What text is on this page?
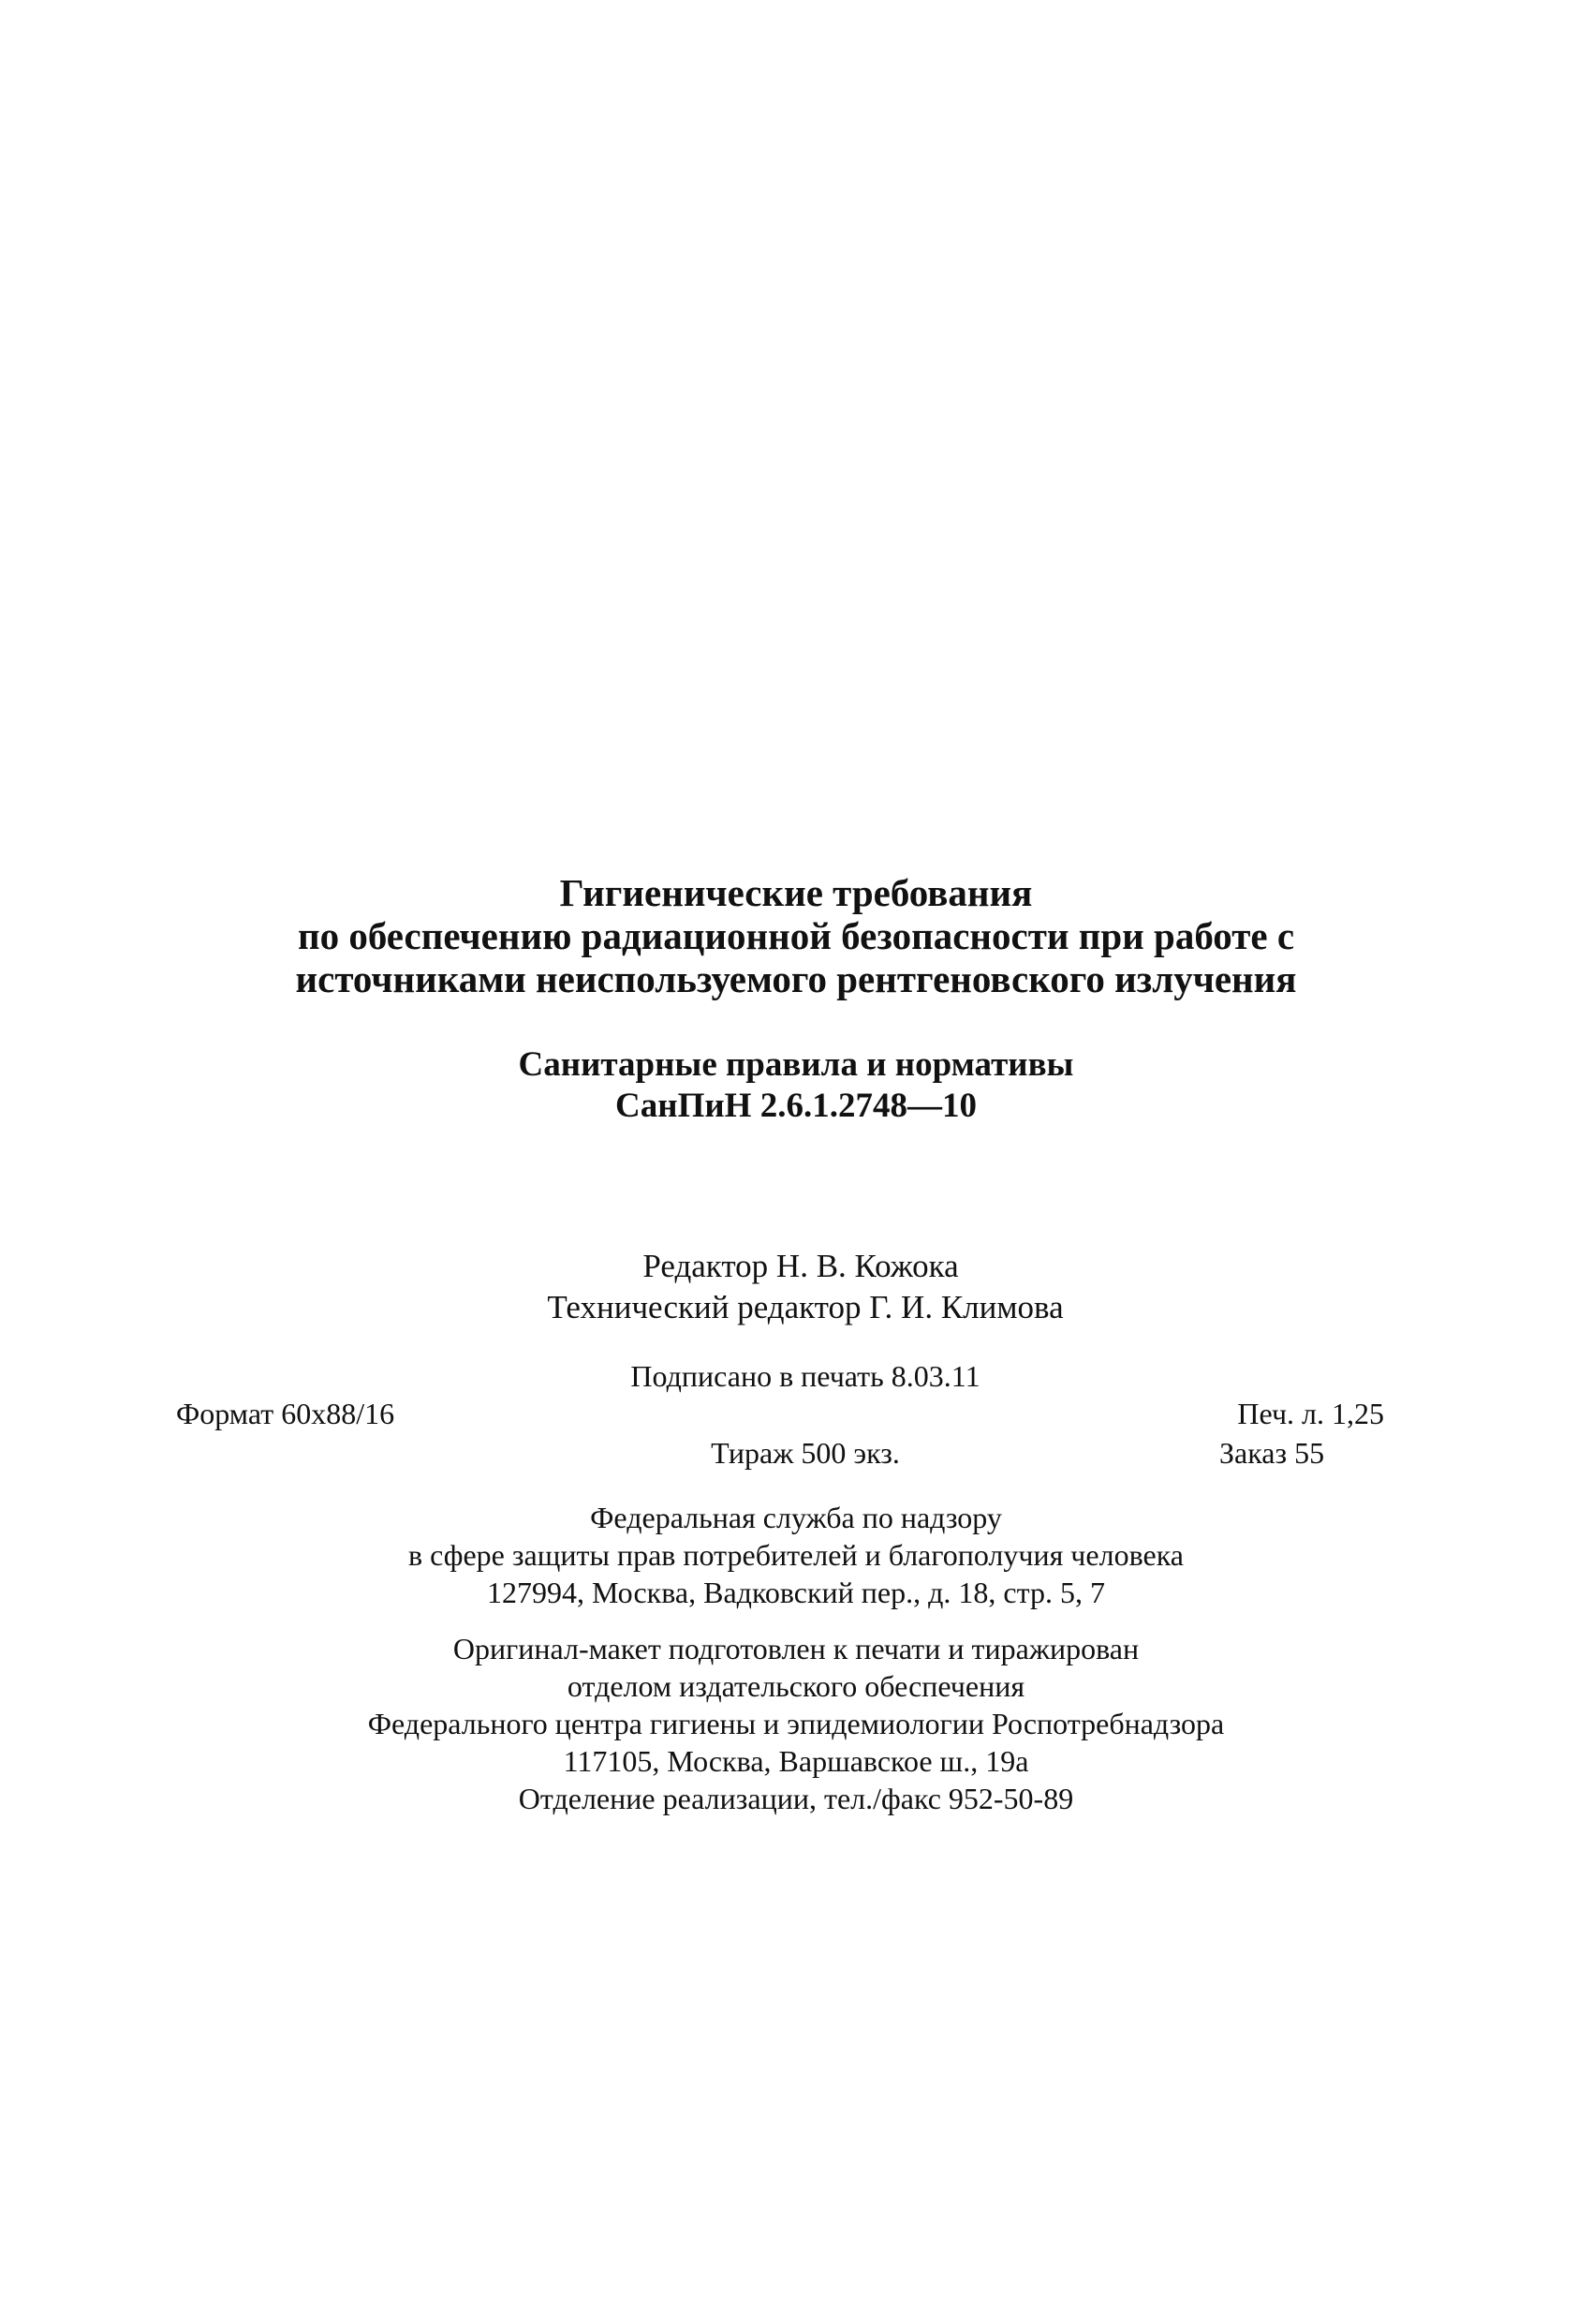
Гигиенические требования
по обеспечению радиационной безопасности при работе с
источниками неиспользуемого рентгеновского излучения
Санитарные правила и нормативы
СанПиН 2.6.1.2748—10
Редактор Н. В. Кожока
Технический редактор Г. И. Климова
Подписано в печать 8.03.11
Формат 60x88/16	Печ. л. 1,25
Тираж 500 экз.	Заказ 55
Федеральная служба по надзору
в сфере защиты прав потребителей и благополучия человека
127994, Москва, Вадковский пер., д. 18, стр. 5, 7
Оригинал-макет подготовлен к печати и тиражирован
отделом издательского обеспечения
Федерального центра гигиены и эпидемиологии Роспотребнадзора
117105, Москва, Варшавское ш., 19а
Отделение реализации, тел./факс 952-50-89
